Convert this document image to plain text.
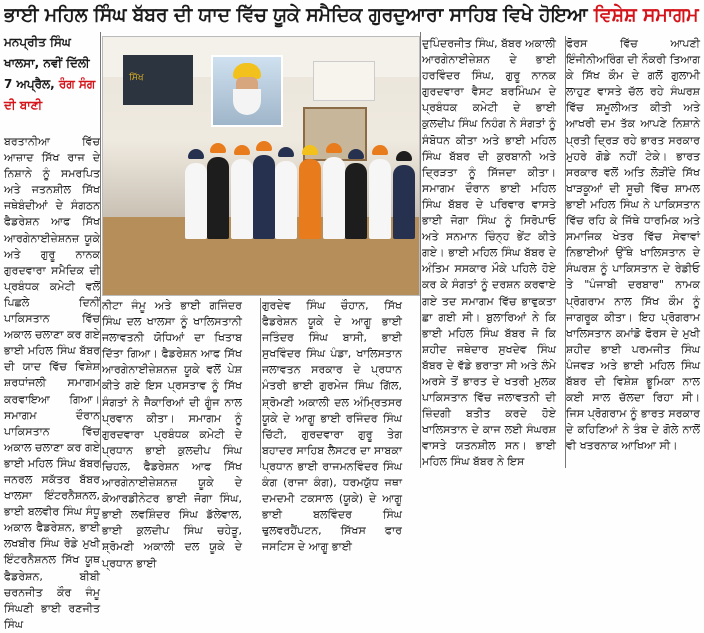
ਭਾਈ ਮਹਿਲ ਸਿੰਘ ਬੱਬਰ ਦੀ ਯਾਦ ਵਿੱਚ ਯੂਕੇ ਸਮੈਦਿਕ ਗੁਰਦੁਆਰਾ ਸਾਹਿਬ ਵਿਖੇ ਹੋਇਆ ਵਿਸ਼ੇਸ਼ ਸਮਾਗਮ
ਮਨਪ੍ਰੀਤ ਸਿੰਘ ਖਾਲਸਾ, ਨਵੀਂ ਦਿੱਲੀ
7 ਅਪ੍ਰੈਲ, ਰੰਗ ਸੰਗ ਦੀ ਬਾਣੀ
ਸਿੱਖ
ਬਰਤਾਨੀਆ ਵਿੱਚ ਆਜ਼ਾਦ ਸਿੱਖ ਰਾਜ ਦੇ ਨਿਸ਼ਾਨੇ ਨੂੰ ਸਮਰਪਿਤ ਅਤੇ ਜਤਨਸ਼ੀਲ ਸਿੱਖ ਜਥੇਬੰਦੀਆਂ ਦੇ ਸੰਗਠਨ ਫੈਡਰੇਸ਼ਨ ਆਫ ਸਿੱਖ ਆਰਗੇਨਾਈਜ਼ੇਸ਼ਨਜ਼ ਯੂਕੇ ਅਤੇ ਗੁਰੂ ਨਾਨਕ ਗੁਰਦਵਾਰਾ ਸਮੈਦਿਕ ਦੀ ਪ੍ਰਬੰਧਕ ਕਮੇਟੀ ਵਲੋਂ ਪਿਛਲੇ ਦਿਨੀਂ ਪਾਕਿਸਤਾਨ ਵਿੱਚ ਅਕਾਲ ਚਲਾਣਾ ਕਰ ਗਏ ਭਾਈ ਮਹਿਲ ਸਿੰਘ ਬੱਬਰ ਦੀ ਯਾਦ ਵਿੱਚ ਵਿਸ਼ੇਸ਼ ਸ਼ਰਧਾਂਜਲੀ ਸਮਾਗਮ ਕਰਵਾਇਆ ਗਿਆ। ਸਮਾਗਮ ਦੌਰਾਨ ਪਾਕਿਸਤਾਨ ਵਿੱਚ ਅਕਾਲ ਚਲਾਣਾ ਕਰ ਗਏ ਭਾਈ ਮਹਿਲ ਸਿੰਘ ਬੱਬਰ ਜਨਰਲ ਸਕੱਤਰ ਬੱਬਰ ਖਾਲਸਾ ਇੰਟਰਨੈਸ਼ਨਲ, ਭਾਈ ਬਲਵੀਰ ਸਿੰਘ ਸੰਧੂ ਅਕਾਲ ਫੈਡਰੇਸ਼ਨ, ਭਾਈ ਲਖਬੀਰ ਸਿੰਘ ਰੋਡੇ ਮੁਖੀ ਇੰਟਰਨੈਸ਼ਨਲ ਸਿੱਖ ਯੂਥ ਫੈਡਰੇਸ਼ਨ, ਬੀਬੀ ਚਰਨਜੀਤ ਕੌਰ ਜੰਮੂ ਸਿੰਘਣੀ ਭਾਈ ਰਣਜੀਤ ਸਿੰਘ
ਨੀਟਾ ਜੰਮੂ ਅਤੇ ਭਾਈ ਗਜਿੰਦਰ ਸਿੰਘ ਦਲ ਖਾਲਸਾ ਨੂੰ ਖਾਲਿਸਤਾਨੀ ਜਲਾਵਤਨੀ ਯੋਧਿਆਂ ਦਾ ਖਿਤਾਬ ਦਿੱਤਾ ਗਿਆ। ਫੈਡਰੇਸ਼ਨ ਆਫ ਸਿੱਖ ਆਰਗੇਨਾਈਜ਼ੇਸ਼ਨਜ਼ ਯੂਕੇ ਵਲੋਂ ਪੇਸ਼ ਕੀਤੇ ਗਏ ਇਸ ਪ੍ਰਸਤਾਵ ਨੂੰ ਸਿੱਖ ਸੰਗਤਾਂ ਨੇ ਜੈਕਾਰਿਆਂ ਦੀ ਗੂੰਜ ਨਾਲ ਪ੍ਰਵਾਨ ਕੀਤਾ। ਸਮਾਗਮ ਨੂੰ ਗੁਰਦਵਾਰਾ ਪ੍ਰਬੰਧਕ ਕਮੇਟੀ ਦੇ ਪ੍ਰਧਾਨ ਭਾਈ ਕੁਲਦੀਪ ਸਿੰਘ ਚਿਹਲ, ਫੈਡਰੇਸ਼ਨ ਆਫ ਸਿੱਖ ਆਰਗੇਨਾਈਜ਼ੇਸ਼ਨਜ਼ ਯੂਕੇ ਦੇ ਕੋਆਰਡੀਨੇਟਰ ਭਾਈ ਜੋਗਾ ਸਿੰਘ, ਭਾਈ ਲਵਸ਼ਿੰਦਰ ਸਿੰਘ ਡੱਲੇਵਾਲ, ਭਾਈ ਕੁਲਦੀਪ ਸਿੰਘ ਚਹੇੜੂ, ਸ਼੍ਰੋਮਣੀ ਅਕਾਲੀ ਦਲ ਯੂਕੇ ਦੇ ਪ੍ਰਧਾਨ ਭਾਈ
ਗੁਰਦੇਵ ਸਿੰਘ ਚੌਹਾਨ, ਸਿੱਖ ਫੈਡਰੇਸ਼ਨ ਯੂਕੇ ਦੇ ਆਗੂ ਭਾਈ ਜਤਿੰਦਰ ਸਿੰਘ ਬਾਸੀ, ਭਾਈ ਸੁਖਵਿੰਦਰ ਸਿੰਘ ਪੰਡਾ, ਖਾਲਿਸਤਾਨ ਜਲਾਵਤਨ ਸਰਕਾਰ ਦੇ ਪ੍ਰਧਾਨ ਮੰਤਰੀ ਭਾਈ ਗੁਰਮੇਜ ਸਿੰਘ ਗਿੱਲ, ਸ਼੍ਰੋਮਣੀ ਅਕਾਲੀ ਦਲ ਅੰਮ੍ਰਿਤਸਰ ਯੂਕੇ ਦੇ ਆਗੂ ਭਾਈ ਰਜਿੰਦਰ ਸਿੰਘ ਚਿੱਟੀ, ਗੁਰਦਵਾਰਾ ਗੁਰੂ ਤੇਗ ਬਹਾਦਰ ਸਾਹਿਬ ਲੈਸਟਰ ਦਾ ਸਾਬਕਾ ਪ੍ਰਧਾਨ ਭਾਈ ਰਾਜਮਨਵਿੰਦਰ ਸਿੰਘ ਕੰਗ (ਰਾਜਾ ਕੰਗ), ਧਰਮਯੁੱਧ ਜਥਾ ਦਮਦਮੀ ਟਕਸਾਲ (ਯੂਕੇ) ਦੇ ਆਗੂ ਭਾਈ ਬਲਵਿੰਦਰ ਸਿੰਘ ਢੁਲਵਰਹੈਂਪਟਨ, ਸਿੱਖਸ ਫਾਰ ਜਸਟਿਸ ਦੇ ਆਗੂ ਭਾਈ
ਦੁਪਿੰਦਰਜੀਤ ਸਿੰਘ, ਬੱਬਰ ਅਕਾਲੀ ਆਰਗੇਨਾਈਜ਼ੇਸ਼ਨ ਦੇ ਭਾਈ ਹਰਵਿੰਦਰ ਸਿੰਘ, ਗੁਰੂ ਨਾਨਕ ਗੁਰਦਵਾਰਾ ਵੈਸਟ ਬਰਮਿੰਘਮ ਦੇ ਪ੍ਰਬੰਧਕ ਕਮੇਟੀ ਦੇ ਭਾਈ ਕੁਲਦੀਪ ਸਿੰਘ ਨਿਹੰਗ ਨੇ ਸੰਗਤਾਂ ਨੂੰ ਸੰਬੋਧਨ ਕੀਤਾ ਅਤੇ ਭਾਈ ਮਹਿਲ ਸਿੰਘ ਬੱਬਰ ਦੀ ਕੁਰਬਾਨੀ ਅਤੇ ਦ੍ਰਿੜਤਾ ਨੂੰ ਸਿੱਜਦਾ ਕੀਤਾ। ਸਮਾਗਮ ਦੌਰਾਨ ਭਾਈ ਮਹਿਲ ਸਿੰਘ ਬੱਬਰ ਦੇ ਪਰਿਵਾਰ ਵਾਸਤੇ ਭਾਈ ਜੋਗਾ ਸਿੰਘ ਨੂੰ ਸਿਰੋਪਾਓ ਅਤੇ ਸਨਮਾਨ ਚਿੰਨ੍ਹ ਭੇਂਟ ਕੀਤੇ ਗਏ। ਭਾਈ ਮਹਿਲ ਸਿੰਘ ਬੱਬਰ ਦੇ ਅੰਤਿਮ ਸਸਕਾਰ ਮੌਕੇ ਪਹਿਲੇ ਹੋਏ ਕਰ ਕੇ ਸੰਗਤਾਂ ਨੂੰ ਦਰਸ਼ਨ ਕਰਵਾਏ ਗਏ ਤਦ ਸਮਾਗਮ ਵਿੱਚ ਭਾਵੁਕਤਾ ਛਾ ਗਈ ਸੀ। ਬੁਲਾਰਿਆਂ ਨੇ ਕਿ ਭਾਈ ਮਹਿਲ ਸਿੰਘ ਬੱਬਰ ਜੋ ਕਿ ਸ਼ਹੀਦ ਜਥੇਦਾਰ ਸੁਖਦੇਵ ਸਿੰਘ ਬੱਬਰ ਦੇ ਵੱਡੇ ਭਰਾਤਾ ਸੀ ਅਤੇ ਲੰਮੇ ਅਰਸੇ ਤੋਂ ਭਾਰਤ ਦੇ ਖਤਰੀ ਮੁਲਕ ਪਾਕਿਸਤਾਨ ਵਿੱਚ ਜਲਾਵਤਨੀ ਦੀ ਜ਼ਿੰਦਗੀ ਬਤੀਤ ਕਰਦੇ ਹੋਏ ਖਾਲਿਸਤਾਨ ਦੇ ਕਾਜ ਲਈ ਸੰਘਰਸ਼ ਵਾਸਤੇ ਯਤਨਸ਼ੀਲ ਸਨ। ਭਾਈ ਮਹਿਲ ਸਿੰਘ ਬੱਬਰ ਨੇ ਇਸ
ਫੋਰਸ ਵਿੱਚ ਆਪਣੀ ਇੰਜੀਨੀਅਰਿੰਗ ਦੀ ਨੌਕਰੀ ਤਿਆਗ ਕੇ ਸਿੱਖ ਕੌਮ ਦੇ ਗਲੋਂ ਗੁਲਾਮੀ ਲਾਹੁਣ ਵਾਸਤੇ ਚੱਲ ਰਹੇ ਸੰਘਰਸ਼ ਵਿੱਚ ਸ਼ਮੂਲੀਅਤ ਕੀਤੀ ਅਤੇ ਆਖਰੀ ਦਮ ਤੱਕ ਆਪਣੇ ਨਿਸ਼ਾਨੇ ਪ੍ਰਤੀ ਦ੍ਰਿੜ ਰਹੇ ਭਾਰਤ ਸਰਕਾਰ ਮੁਹਰੇ ਗੋਡੇ ਨਹੀਂ ਟੇਕੇ। ਭਾਰਤ ਸਰਕਾਰ ਵਲੋਂ ਅਤਿ ਲੋੜੀਂਦੇ ਸਿੱਖ ਖਾੜਕੂਆਂ ਦੀ ਸੂਚੀ ਵਿੱਚ ਸ਼ਾਮਲ ਭਾਈ ਮਹਿਲ ਸਿੰਘ ਨੇ ਪਾਕਿਸਤਾਨ ਵਿੱਚ ਰਹਿ ਕੇ ਜਿੱਥੇ ਧਾਰਮਿਕ ਅਤੇ ਸਮਾਜਿਕ ਖੇਤਰ ਵਿੱਚ ਸੇਵਾਵਾਂ ਨਿਭਾਈਆਂ ਉੱਥੇ ਖਾਲਿਸਤਾਨ ਦੇ ਸੰਘਰਸ਼ ਨੂੰ ਪਾਕਿਸਤਾਨ ਦੇ ਰੇਡੀਓ ਤੇ "ਪੰਜਾਬੀ ਦਰਬਾਰ" ਨਾਮਕ ਪ੍ਰੋਗਰਾਮ ਨਾਲ ਸਿੱਖ ਕੌਮ ਨੂੰ ਜਾਗਰੂਕ ਕੀਤਾ। ਇਹ ਪ੍ਰੋਗਰਾਮ ਖਾਲਿਸਤਾਨ ਕਮਾਂਡੋ ਫੋਰਸ ਦੇ ਮੁਖੀ ਸ਼ਹੀਦ ਭਾਈ ਪਰਮਜੀਤ ਸਿੰਘ ਪੰਜਵੜ ਅਤੇ ਭਾਈ ਮਹਿਲ ਸਿੰਘ ਬੱਬਰ ਦੀ ਵਿਸ਼ੇਸ਼ ਭੂਮਿਕਾ ਨਾਲ ਕਈ ਸਾਲ ਚੱਲਦਾ ਰਿਹਾ ਸੀ। ਜਿਸ ਪ੍ਰੋਗਰਾਮ ਨੂੰ ਭਾਰਤ ਸਰਕਾਰ ਦੇ ਕਹਿਣਿਆਂ ਨੇ ਤੰਬ ਦੇ ਗੋਲੇ ਨਾਲੋਂ ਵੀ ਖਤਰਨਾਕ ਆਖਿਆ ਸੀ।
